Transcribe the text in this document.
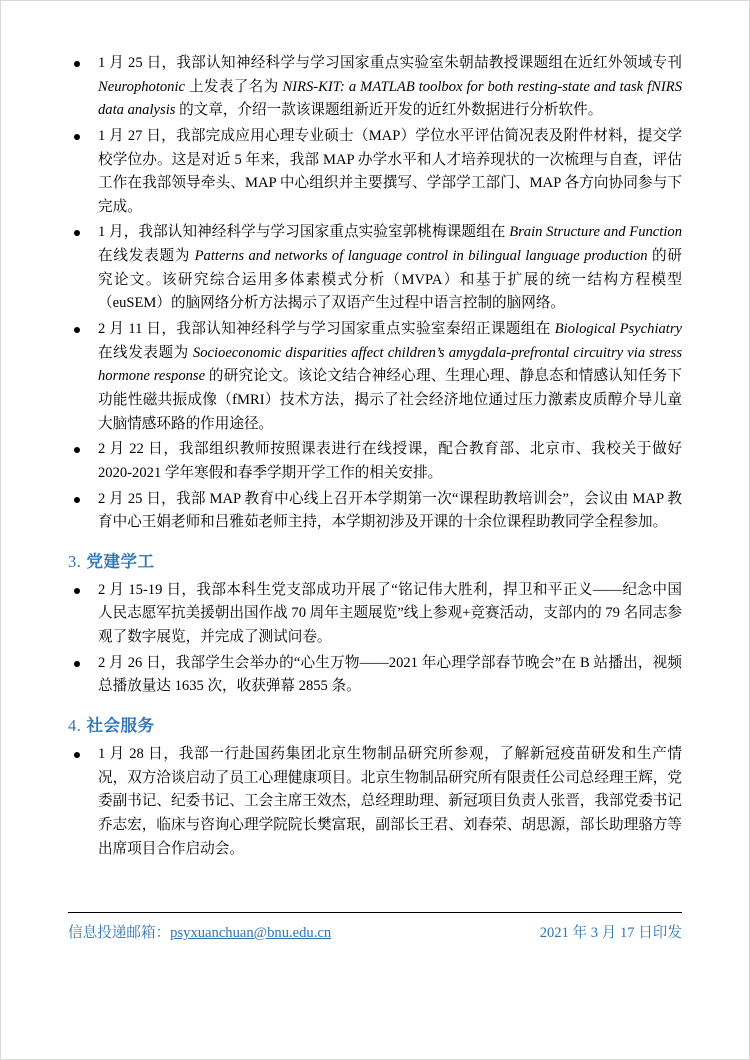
1 月 25 日，我部认知神经科学与学习国家重点实验室朱朝喆教授课题组在近红外领域专刊 Neurophotonic 上发表了名为 NIRS-KIT: a MATLAB toolbox for both resting-state and task fNIRS data analysis 的文章，介绍一款该课题组新近开发的近红外数据进行分析软件。
1 月 27 日，我部完成应用心理专业硕士（MAP）学位水平评估简况表及附件材料，提交学校学位办。这是对近 5 年来，我部 MAP 办学水平和人才培养现状的一次梳理与自查，评估工作在我部领导牵头、MAP 中心组织并主要撰写、学部学工部门、MAP 各方向协同参与下完成。
1 月，我部认知神经科学与学习国家重点实验室郭桃梅课题组在 Brain Structure and Function 在线发表题为 Patterns and networks of language control in bilingual language production 的研究论文。该研究综合运用多体素模式分析（MVPA）和基于扩展的统一结构方程模型（euSEM）的脑网络分析方法揭示了双语产生过程中语言控制的脑网络。
2 月 11 日，我部认知神经科学与学习国家重点实验室秦绍正课题组在 Biological Psychiatry 在线发表题为 Socioeconomic disparities affect children’s amygdala-prefrontal circuitry via stress hormone response 的研究论文。该论文结合神经心理、生理心理、静息态和情感认知任务下功能性磁共振成像（fMRI）技术方法，揭示了社会经济地位通过压力激素皮质醇介导儿童大脑情感环路的作用途径。
2 月 22 日，我部组织教师按照课表进行在线授课，配合教育部、北京市、我校关于做好 2020-2021 学年寒假和春季学期开学工作的相关安排。
2 月 25 日，我部 MAP 教育中心线上召开本学期第一次“课程助教培训会”，会议由 MAP 教育中心王娟老师和吕雅茹老师主持，本学期初涉及开课的十余位课程助教同学全程参加。
3. 党建学工
2 月 15-19 日，我部本科生党支部成功开展了“铭记伟大胜利，捍卫和平正义——纪念中国人民志愿军抗美援朝出国作战 70 周年主题展览”线上参观+竞赛活动，支部内的 79 名同志参观了数字展览，并完成了测试问卷。
2 月 26 日，我部学生会举办的“心生万物——2021 年心理学部春节晚会”在 B 站播出，视频总播放量达 1635 次，收获弹幕 2855 条。
4. 社会服务
1 月 28 日，我部一行赴国药集团北京生物制品研究所参观，了解新冠疫苗研发和生产情况，双方洽谈启动了员工心理健康项目。北京生物制品研究所有限责任公司总经理王辉，党委副书记、纪委书记、工会主席王效杰，总经理助理、新冠项目负责人张晋，我部党委书记乔志宏，临床与咨询心理学院院长樊富珉，副部长王君、刘春荣、胡思源，部长助理骆方等出席项目合作启动会。
信息投递邮箱：psyxuanchuan@bnu.edu.cn	2021 年 3 月 17 日印发
